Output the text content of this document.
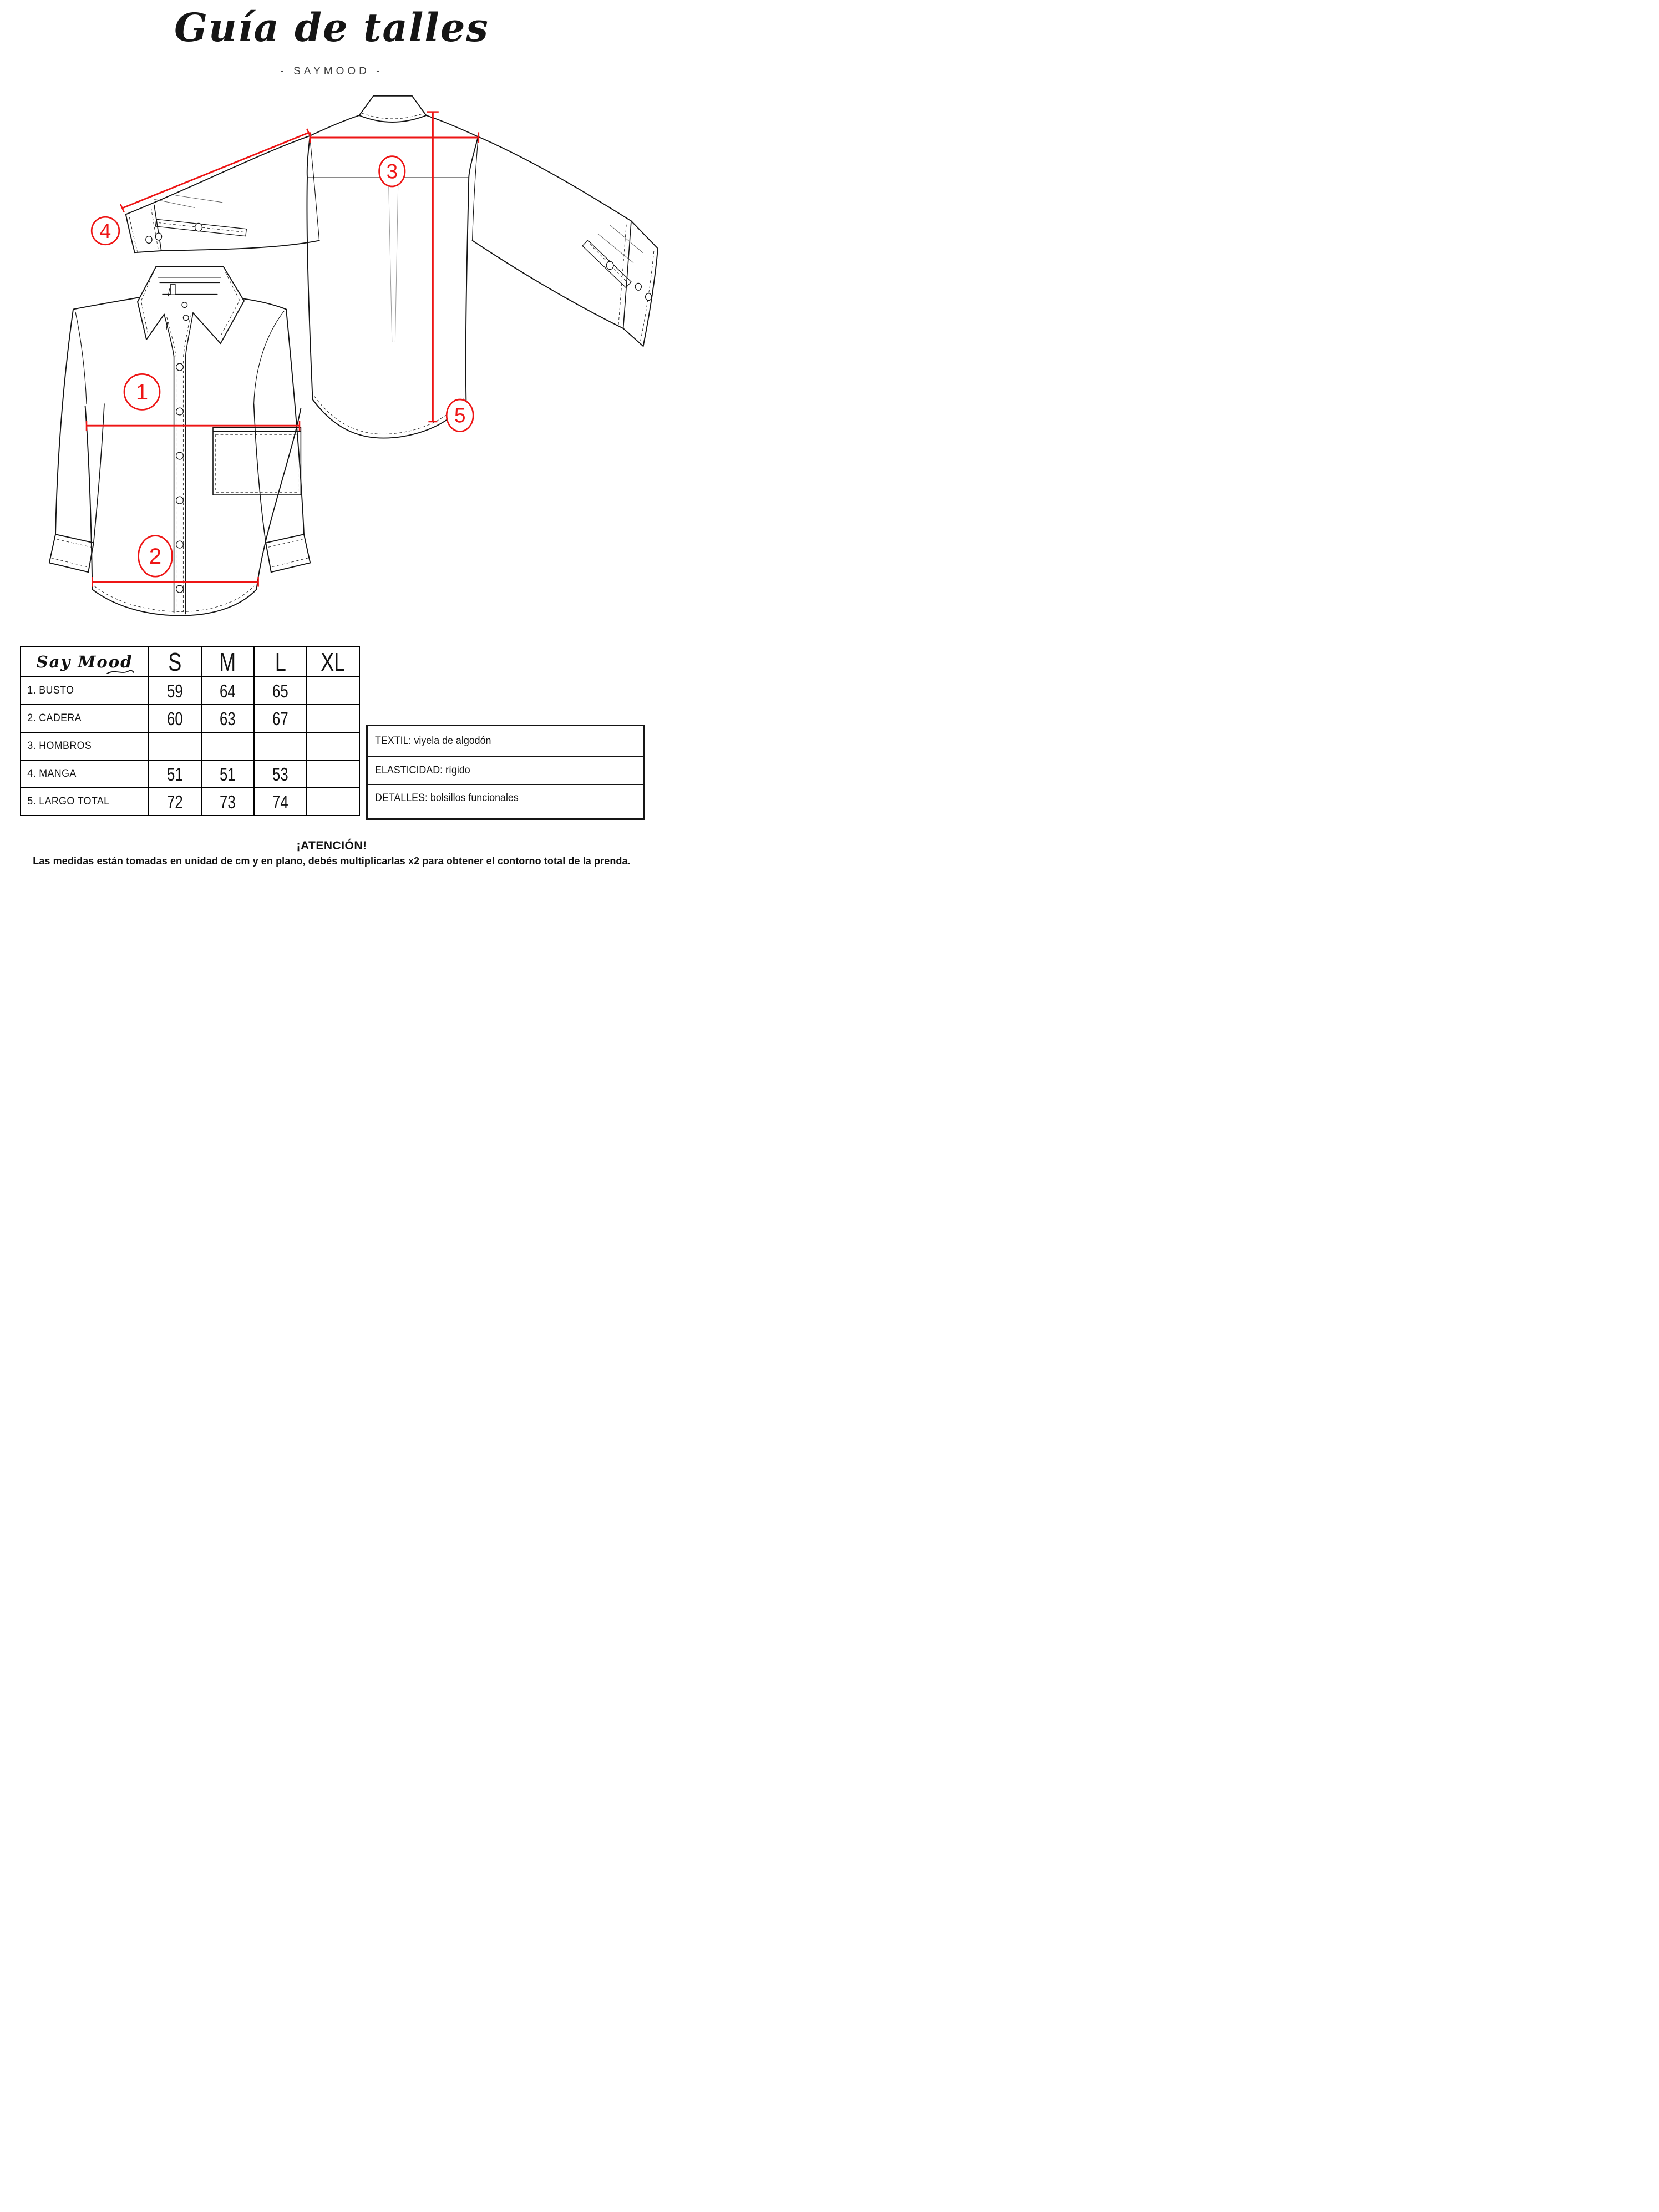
Guía de talles
- SAYMOOD -
3
4
5
1
2
Say Mood	S	M	L	XL
1. BUSTO	59	64	65	
2. CADERA	60	63	67	
3. HOMBROS				
4. MANGA	51	51	53	
5. LARGO TOTAL	72	73	74	
TEXTIL: viyela de algodón
ELASTICIDAD: rígido
DETALLES: bolsillos funcionales
¡ATENCIÓN!
Las medidas están tomadas en unidad de cm y en plano, debés multiplicarlas x2 para obtener el contorno total de la prenda.
